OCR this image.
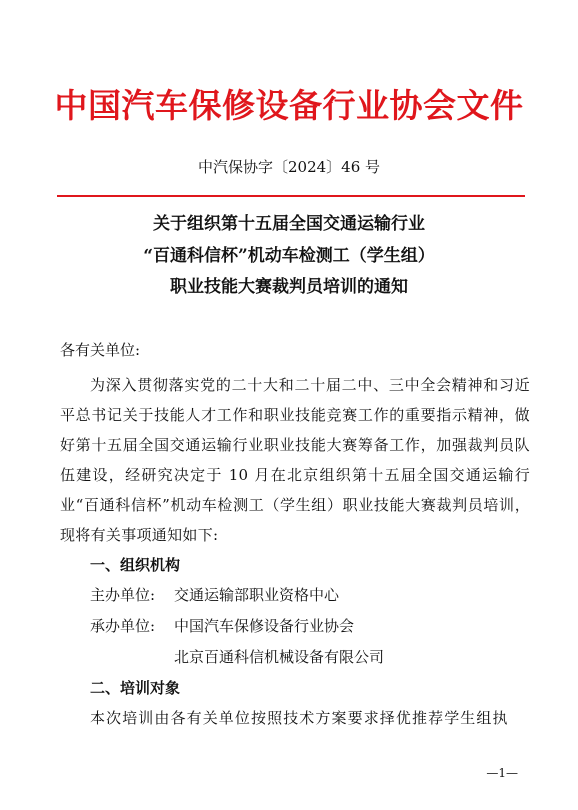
中国汽车保修设备行业协会文件
中汽保协字〔2024〕46 号
关于组织第十五届全国交通运输行业
“百通科信杯”机动车检测工（学生组）
职业技能大赛裁判员培训的通知
各有关单位:
为深入贯彻落实党的二十大和二十届二中、三中全会精神和习近平总书记关于技能人才工作和职业技能竞赛工作的重要指示精神，做好第十五届全国交通运输行业职业技能大赛筹备工作，加强裁判员队伍建设，经研究决定于 10 月在北京组织第十五届全国交通运输行业“百通科信杯”机动车检测工（学生组）职业技能大赛裁判员培训，现将有关事项通知如下:
一、组织机构
主办单位: 交通运输部职业资格中心
承办单位: 中国汽车保修设备行业协会
北京百通科信机械设备有限公司
二、培训对象
本次培训由各有关单位按照技术方案要求择优推荐学生组执
—1—
